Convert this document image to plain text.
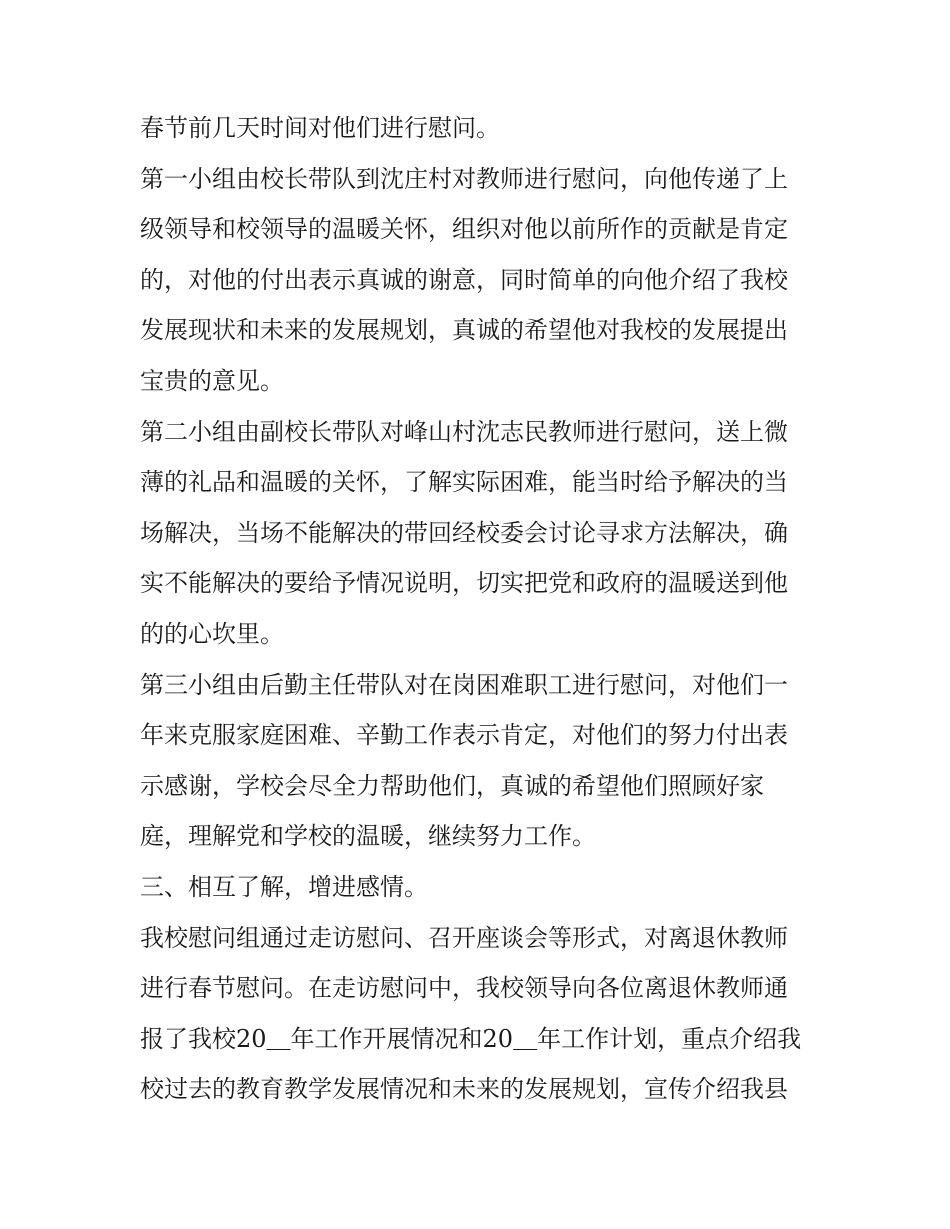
春节前几天时间对他们进行慰问。

第一小组由校长带队到沈庄村对教师进行慰问，向他传递了上

级领导和校领导的温暖关怀，组织对他以前所作的贡献是肯定

的，对他的付出表示真诚的谢意，同时简单的向他介绍了我校

发展现状和未来的发展规划，真诚的希望他对我校的发展提出

宝贵的意见。

第二小组由副校长带队对峰山村沈志民教师进行慰问，送上微

薄的礼品和温暖的关怀，了解实际困难，能当时给予解决的当

场解决，当场不能解决的带回经校委会讨论寻求方法解决，确

实不能解决的要给予情况说明，切实把党和政府的温暖送到他

的的心坎里。

第三小组由后勤主任带队对在岗困难职工进行慰问，对他们一

年来克服家庭困难、辛勤工作表示肯定，对他们的努力付出表

示感谢，学校会尽全力帮助他们，真诚的希望他们照顾好家

庭，理解党和学校的温暖，继续努力工作。

三、相互了解，增进感情。

我校慰问组通过走访慰问、召开座谈会等形式，对离退休教师

进行春节慰问。在走访慰问中，我校领导向各位离退休教师通

报了我校20＿年工作开展情况和20＿年工作计划，重点介绍我

校过去的教育教学发展情况和未来的发展规划，宣传介绍我县
